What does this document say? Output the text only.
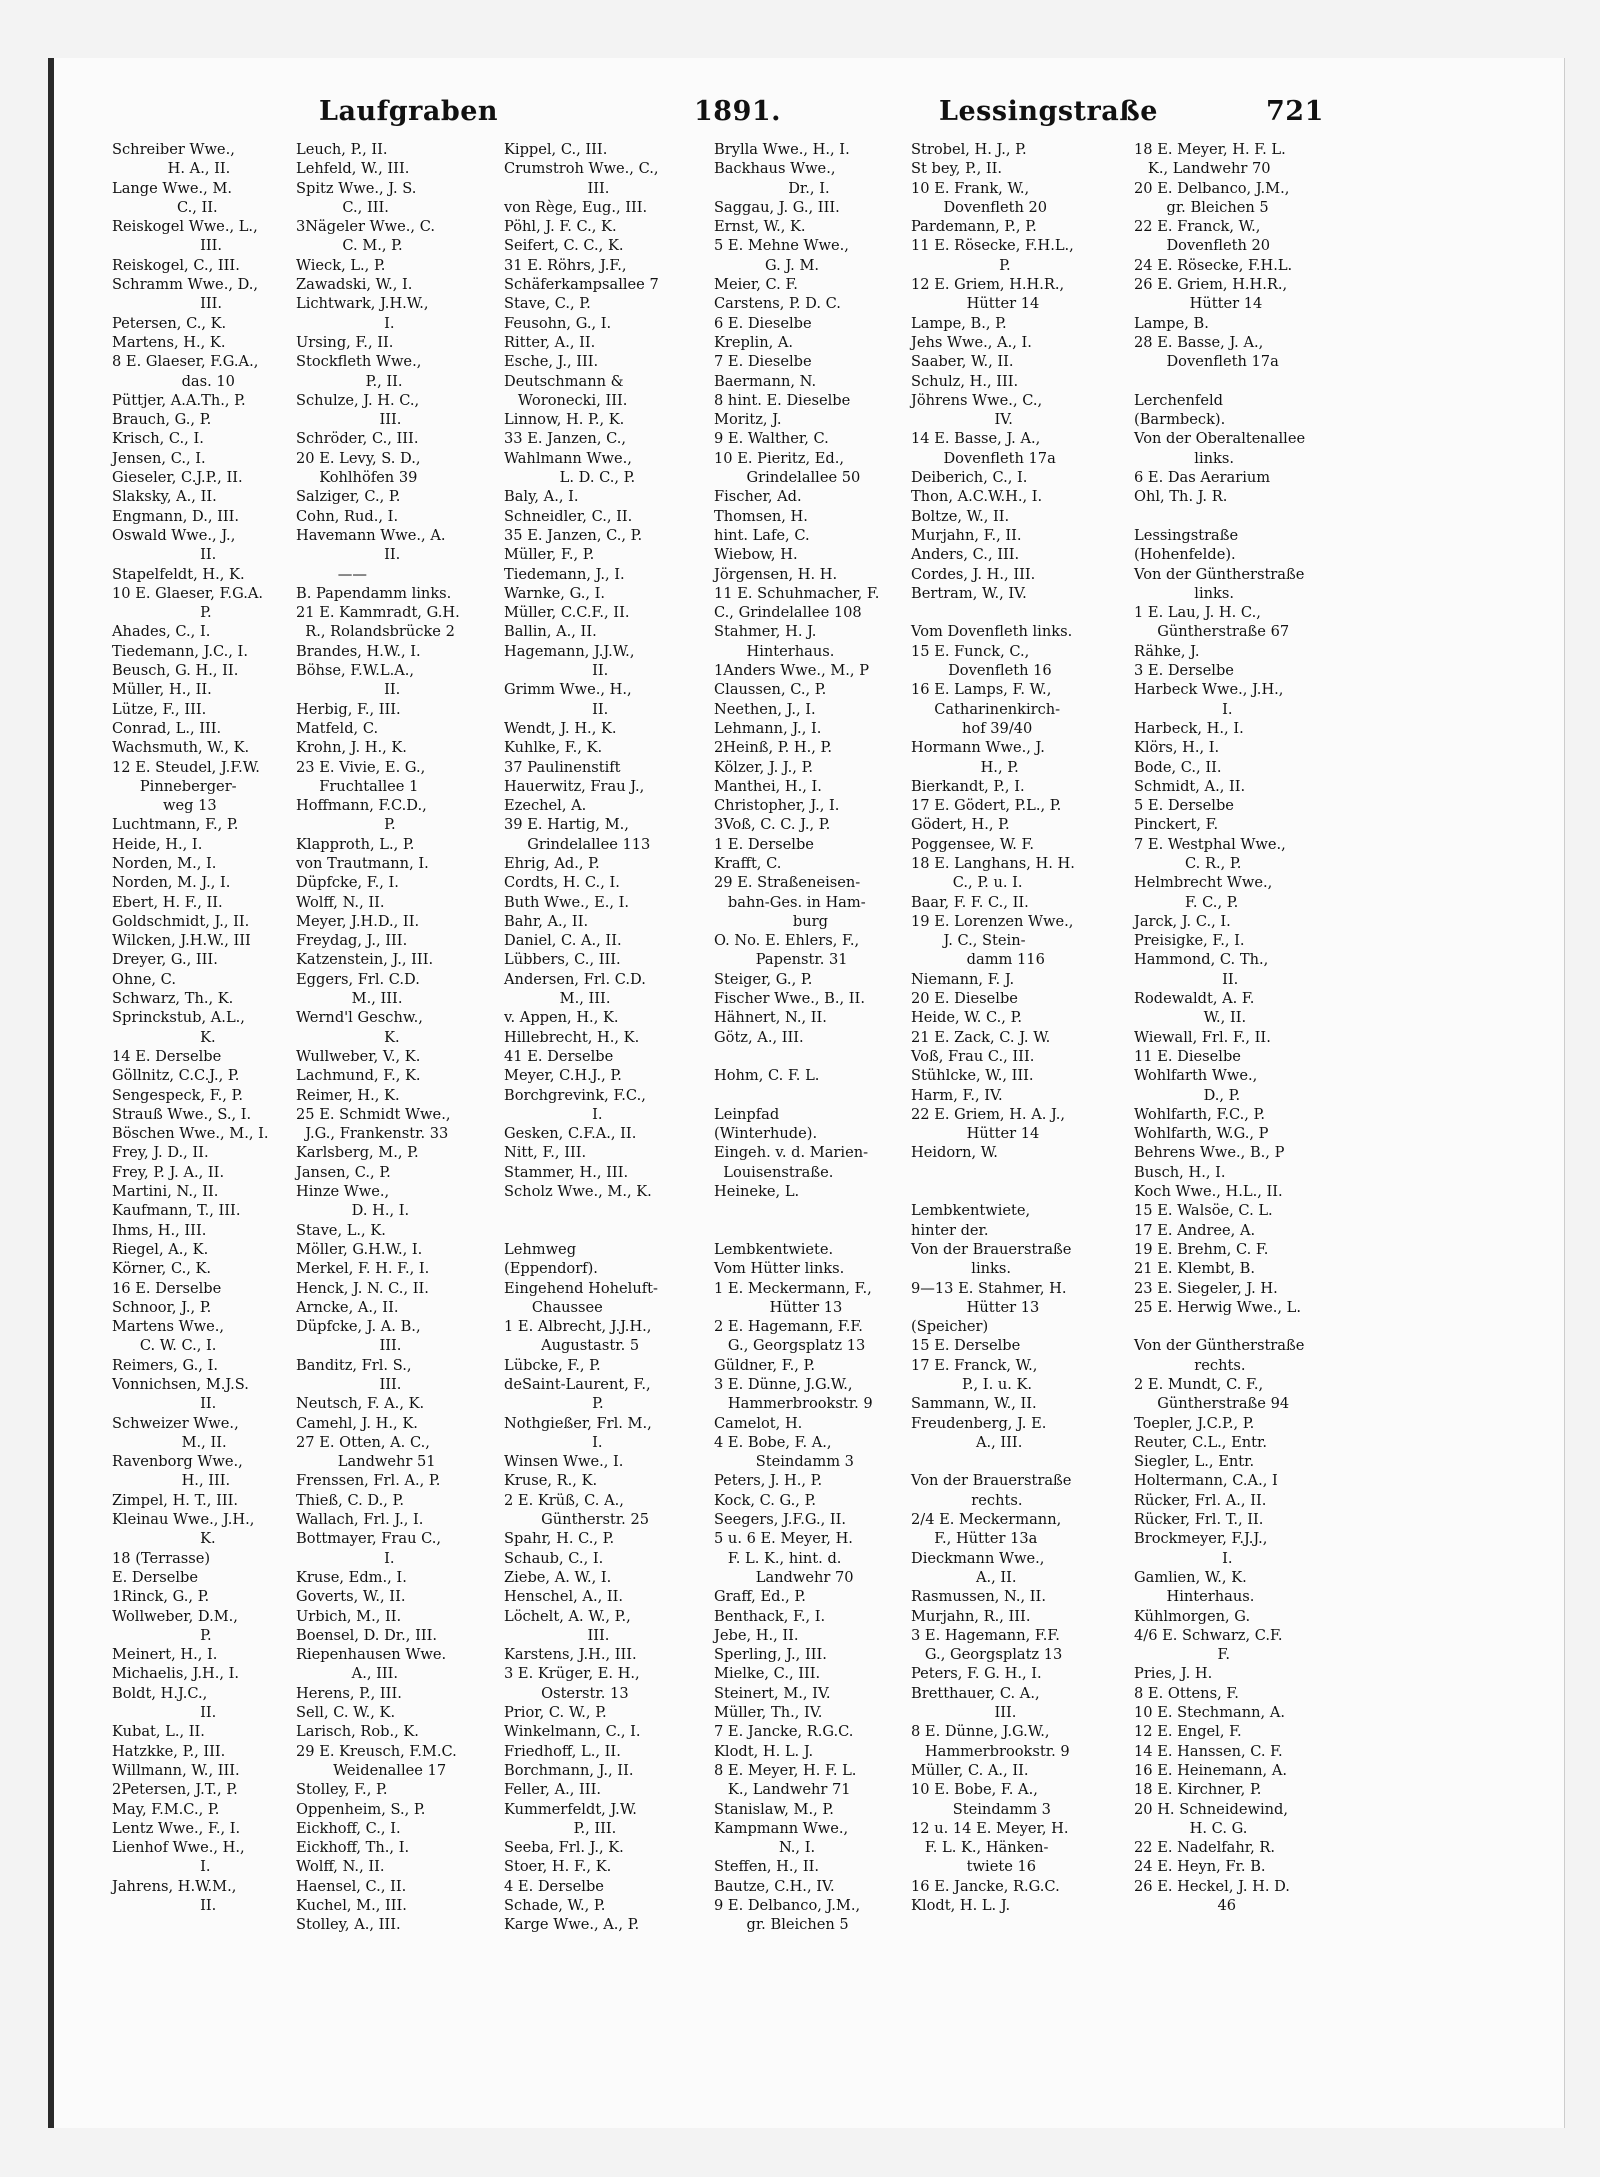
Laufgraben	1891.	Lessingstraße	721
Schreiber Wwe.,
H. A., II.
Lange Wwe., M.
C., II.
Reiskogel Wwe., L.,
III.
Reiskogel, C., III.
Schramm Wwe., D.,
III.
Petersen, C., K.
Martens, H., K.
8 E. Glaeser, F.G.A.,
das. 10
Püttjer, A.A.Th., P.
Brauch, G., P.
Krisch, C., I.
Jensen, C., I.
Gieseler, C.J.P., II.
Slaksky, A., II.
Engmann, D., III.
Oswald Wwe., J.,
II.
Stapelfeldt, H., K.
10 E. Glaeser, F.G.A.
P.
Ahades, C., I.
Tiedemann, J.C., I.
Beusch, G. H., II.
Müller, H., II.
Lütze, F., III.
Conrad, L., III.
Wachsmuth, W., K.
12 E. Steudel, J.F.W.
Pinneberger-
weg 13
Luchtmann, F., P.
Heide, H., I.
Norden, M., I.
Norden, M. J., I.
Ebert, H. F., II.
Goldschmidt, J., II.
Wilcken, J.H.W., III
Dreyer, G., III.
Ohne, C.
Schwarz, Th., K.
Sprinckstub, A.L.,
K.
14 E. Derselbe
Göllnitz, C.C.J., P.
Sengespeck, F., P.
Strauß Wwe., S., I.
Böschen Wwe., M., I.
Frey, J. D., II.
Frey, P. J. A., II.
Martini, N., II.
Kaufmann, T., III.
Ihms, H., III.
Riegel, A., K.
Körner, C., K.
16 E. Derselbe
Schnoor, J., P.
Martens Wwe.,
C. W. C., I.
Reimers, G., I.
Vonnichsen, M.J.S.
II.
Schweizer Wwe.,
M., II.
Ravenborg Wwe.,
H., III.
Zimpel, H. T., III.
Kleinau Wwe., J.H.,
K.
18 (Terrasse)
E. Derselbe
1Rinck, G., P.
Wollweber, D.M.,
P.
Meinert, H., I.
Michaelis, J.H., I.
Boldt, H.J.C.,
II.
Kubat, L., II.
Hatzkke, P., III.
Willmann, W., III.
2Petersen, J.T., P.
May, F.M.C., P.
Lentz Wwe., F., I.
Lienhof Wwe., H.,
I.
Jahrens, H.W.M.,
II.
Leuch, P., II.
Lehfeld, W., III.
Spitz Wwe., J. S.
C., III.
3Nägeler Wwe., C.
C. M., P.
Wieck, L., P.
Zawadski, W., I.
Lichtwark, J.H.W.,
I.
Ursing, F., II.
Stockfleth Wwe.,
P., II.
Schulze, J. H. C.,
III.
Schröder, C., III.
20 E. Levy, S. D.,
Kohlhöfen 39
Salziger, C., P.
Cohn, Rud., I.
Havemann Wwe., A.
II.
——
B. Papendamm links.
21 E. Kammradt, G.H.
R., Rolandsbrücke 2
Brandes, H.W., I.
Böhse, F.W.L.A.,
II.
Herbig, F., III.
Matfeld, C.
Krohn, J. H., K.
23 E. Vivie, E. G.,
Fruchtallee 1
Hoffmann, F.C.D.,
P.
Klapproth, L., P.
von Trautmann, I.
Düpfcke, F., I.
Wolff, N., II.
Meyer, J.H.D., II.
Freydag, J., III.
Katzenstein, J., III.
Eggers, Frl. C.D.
M., III.
Wernd'l Geschw.,
K.
Wullweber, V., K.
Lachmund, F., K.
Reimer, H., K.
25 E. Schmidt Wwe.,
J.G., Frankenstr. 33
Karlsberg, M., P.
Jansen, C., P.
Hinze Wwe.,
D. H., I.
Stave, L., K.
Möller, G.H.W., I.
Merkel, F. H. F., I.
Henck, J. N. C., II.
Arncke, A., II.
Düpfcke, J. A. B.,
III.
Banditz, Frl. S.,
III.
Neutsch, F. A., K.
Camehl, J. H., K.
27 E. Otten, A. C.,
Landwehr 51
Frenssen, Frl. A., P.
Thieß, C. D., P.
Wallach, Frl. J., I.
Bottmayer, Frau C.,
I.
Kruse, Edm., I.
Goverts, W., II.
Urbich, M., II.
Boensel, D. Dr., III.
Riepenhausen Wwe.
A., III.
Herens, P., III.
Sell, C. W., K.
Larisch, Rob., K.
29 E. Kreusch, F.M.C.
Weidenallee 17
Stolley, F., P.
Oppenheim, S., P.
Eickhoff, C., I.
Eickhoff, Th., I.
Wolff, N., II.
Haensel, C., II.
Kuchel, M., III.
Stolley, A., III.
Kippel, C., III.
Crumstroh Wwe., C.,
III.
von Rège, Eug., III.
Pöhl, J. F. C., K.
Seifert, C. C., K.
31 E. Röhrs, J.F.,
Schäferkampsallee 7
Stave, C., P.
Feusohn, G., I.
Ritter, A., II.
Esche, J., III.
Deutschmann &
Woronecki, III.
Linnow, H. P., K.
33 E. Janzen, C.,
Wahlmann Wwe.,
L. D. C., P.
Baly, A., I.
Schneidler, C., II.
35 E. Janzen, C., P.
Müller, F., P.
Tiedemann, J., I.
Warnke, G., I.
Müller, C.C.F., II.
Ballin, A., II.
Hagemann, J.J.W.,
II.
Grimm Wwe., H.,
II.
Wendt, J. H., K.
Kuhlke, F., K.
37 Paulinenstift
Hauerwitz, Frau J.,
Ezechel, A.
39 E. Hartig, M.,
Grindelallee 113
Ehrig, Ad., P.
Cordts, H. C., I.
Buth Wwe., E., I.
Bahr, A., II.
Daniel, C. A., II.
Lübbers, C., III.
Andersen, Frl. C.D.
M., III.
v. Appen, H., K.
Hillebrecht, H., K.
41 E. Derselbe
Meyer, C.H.J., P.
Borchgrevink, F.C.,
I.
Gesken, C.F.A., II.
Nitt, F., III.
Stammer, H., III.
Scholz Wwe., M., K.

Lehmweg
(Eppendorf).
Eingehend Hoheluft-
Chaussee
1 E. Albrecht, J.J.H.,
Augustastr. 5
Lübcke, F., P.
deSaint-Laurent, F.,
P.
Nothgießer, Frl. M.,
I.
Winsen Wwe., I.
Kruse, R., K.
2 E. Krüß, C. A.,
Güntherstr. 25
Spahr, H. C., P.
Schaub, C., I.
Ziebe, A. W., I.
Henschel, A., II.
Löchelt, A. W., P.,
III.
Karstens, J.H., III.
3 E. Krüger, E. H.,
Osterstr. 13
Prior, C. W., P.
Winkelmann, C., I.
Friedhoff, L., II.
Borchmann, J., II.
Feller, A., III.
Kummerfeldt, J.W.
P., III.
Seeba, Frl. J., K.
Stoer, H. F., K.
4 E. Derselbe
Schade, W., P.
Karge Wwe., A., P.
Brylla Wwe., H., I.
Backhaus Wwe.,
Dr., I.
Saggau, J. G., III.
Ernst, W., K.
5 E. Mehne Wwe.,
G. J. M.
Meier, C. F.
Carstens, P. D. C.
6 E. Dieselbe
Kreplin, A.
7 E. Dieselbe
Baermann, N.
8 hint. E. Dieselbe
Moritz, J.
9 E. Walther, C.
10 E. Pieritz, Ed.,
Grindelallee 50
Fischer, Ad.
Thomsen, H.
hint. Lafe, C.
Wiebow, H.
Jörgensen, H. H.
11 E. Schuhmacher, F.
C., Grindelallee 108
Stahmer, H. J.
Hinterhaus.
1Anders Wwe., M., P
Claussen, C., P.
Neethen, J., I.
Lehmann, J., I.
2Heinß, P. H., P.
Kölzer, J. J., P.
Manthei, H., I.
Christopher, J., I.
3Voß, C. C. J., P.
1 E. Derselbe
Krafft, C.
29 E. Straßeneisen-
bahn-Ges. in Ham-
burg
O. No. E. Ehlers, F.,
Papenstr. 31
Steiger, G., P.
Fischer Wwe., B., II.
Hähnert, N., II.
Götz, A., III.

Hohm, C. F. L.

Leinpfad
(Winterhude).
Eingeh. v. d. Marien-
Louisenstraße.
Heineke, L.

Lembkentwiete.
Vom Hütter links.
1 E. Meckermann, F.,
Hütter 13
2 E. Hagemann, F.F.
G., Georgsplatz 13
Güldner, F., P.
3 E. Dünne, J.G.W.,
Hammerbrookstr. 9
Camelot, H.
4 E. Bobe, F. A.,
Steindamm 3
Peters, J. H., P.
Kock, C. G., P.
Seegers, J.F.G., II.
5 u. 6 E. Meyer, H.
F. L. K., hint. d.
Landwehr 70
Graff, Ed., P.
Benthack, F., I.
Jebe, H., II.
Sperling, J., III.
Mielke, C., III.
Steinert, M., IV.
Müller, Th., IV.
7 E. Jancke, R.G.C.
Klodt, H. L. J.
8 E. Meyer, H. F. L.
K., Landwehr 71
Stanislaw, M., P.
Kampmann Wwe.,
N., I.
Steffen, H., II.
Bautze, C.H., IV.
9 E. Delbanco, J.M.,
gr. Bleichen 5
Strobel, H. J., P.
St bey, P., II.
10 E. Frank, W.,
Dovenfleth 20
Pardemann, P., P.
11 E. Rösecke, F.H.L.,
P.
12 E. Griem, H.H.R.,
Hütter 14
Lampe, B., P.
Jehs Wwe., A., I.
Saaber, W., II.
Schulz, H., III.
Jöhrens Wwe., C.,
IV.
14 E. Basse, J. A.,
Dovenfleth 17a
Deiberich, C., I.
Thon, A.C.W.H., I.
Boltze, W., II.
Murjahn, F., II.
Anders, C., III.
Cordes, J. H., III.
Bertram, W., IV.

Vom Dovenfleth links.
15 E. Funck, C.,
Dovenfleth 16
16 E. Lamps, F. W.,
Catharinenkirch-
hof 39/40
Hormann Wwe., J.
H., P.
Bierkandt, P., I.
17 E. Gödert, P.L., P.
Gödert, H., P.
Poggensee, W. F.
18 E. Langhans, H. H.
C., P. u. I.
Baar, F. F. C., II.
19 E. Lorenzen Wwe.,
J. C., Stein-
damm 116
Niemann, F. J.
20 E. Dieselbe
Heide, W. C., P.
21 E. Zack, C. J. W.
Voß, Frau C., III.
Stühlcke, W., III.
Harm, F., IV.
22 E. Griem, H. A. J.,
Hütter 14
Heidorn, W.

Lembkentwiete,
hinter der.
Von der Brauerstraße
links.
9—13 E. Stahmer, H.
Hütter 13
(Speicher)
15 E. Derselbe
17 E. Franck, W.,
P., I. u. K.
Sammann, W., II.
Freudenberg, J. E.
A., III.

Von der Brauerstraße
rechts.
2/4 E. Meckermann,
F., Hütter 13a
Dieckmann Wwe.,
A., II.
Rasmussen, N., II.
Murjahn, R., III.
3 E. Hagemann, F.F.
G., Georgsplatz 13
Peters, F. G. H., I.
Bretthauer, C. A.,
III.
8 E. Dünne, J.G.W.,
Hammerbrookstr. 9
Müller, C. A., II.
10 E. Bobe, F. A.,
Steindamm 3
12 u. 14 E. Meyer, H.
F. L. K., Hänken-
twiete 16
16 E. Jancke, R.G.C.
Klodt, H. L. J.
18 E. Meyer, H. F. L.
K., Landwehr 70
20 E. Delbanco, J.M.,
gr. Bleichen 5
22 E. Franck, W.,
Dovenfleth 20
24 E. Rösecke, F.H.L.
26 E. Griem, H.H.R.,
Hütter 14
Lampe, B.
28 E. Basse, J. A.,
Dovenfleth 17a

Lerchenfeld
(Barmbeck).
Von der Oberaltenallee
links.
6 E. Das Aerarium
Ohl, Th. J. R.

Lessingstraße
(Hohenfelde).
Von der Güntherstraße
links.
1 E. Lau, J. H. C.,
Güntherstraße 67
Rähke, J.
3 E. Derselbe
Harbeck Wwe., J.H.,
I.
Harbeck, H., I.
Klörs, H., I.
Bode, C., II.
Schmidt, A., II.
5 E. Derselbe
Pinckert, F.
7 E. Westphal Wwe.,
C. R., P.
Helmbrecht Wwe.,
F. C., P.
Jarck, J. C., I.
Preisigke, F., I.
Hammond, C. Th.,
II.
Rodewaldt, A. F.
W., II.
Wiewall, Frl. F., II.
11 E. Dieselbe
Wohlfarth Wwe.,
D., P.
Wohlfarth, F.C., P.
Wohlfarth, W.G., P
Behrens Wwe., B., P
Busch, H., I.
Koch Wwe., H.L., II.
15 E. Walsöe, C. L.
17 E. Andree, A.
19 E. Brehm, C. F.
21 E. Klembt, B.
23 E. Siegeler, J. H.
25 E. Herwig Wwe., L.

Von der Güntherstraße
rechts.
2 E. Mundt, C. F.,
Güntherstraße 94
Toepler, J.C.P., P.
Reuter, C.L., Entr.
Siegler, L., Entr.
Holtermann, C.A., I
Rücker, Frl. A., II.
Rücker, Frl. T., II.
Brockmeyer, F.J.J.,
I.
Gamlien, W., K.
Hinterhaus.
Kühlmorgen, G.
4/6 E. Schwarz, C.F.
F.
Pries, J. H.
8 E. Ottens, F.
10 E. Stechmann, A.
12 E. Engel, F.
14 E. Hanssen, C. F.
16 E. Heinemann, A.
18 E. Kirchner, P.
20 H. Schneidewind,
H. C. G.
22 E. Nadelfahr, R.
24 E. Heyn, Fr. B.
26 E. Heckel, J. H. D.
46
